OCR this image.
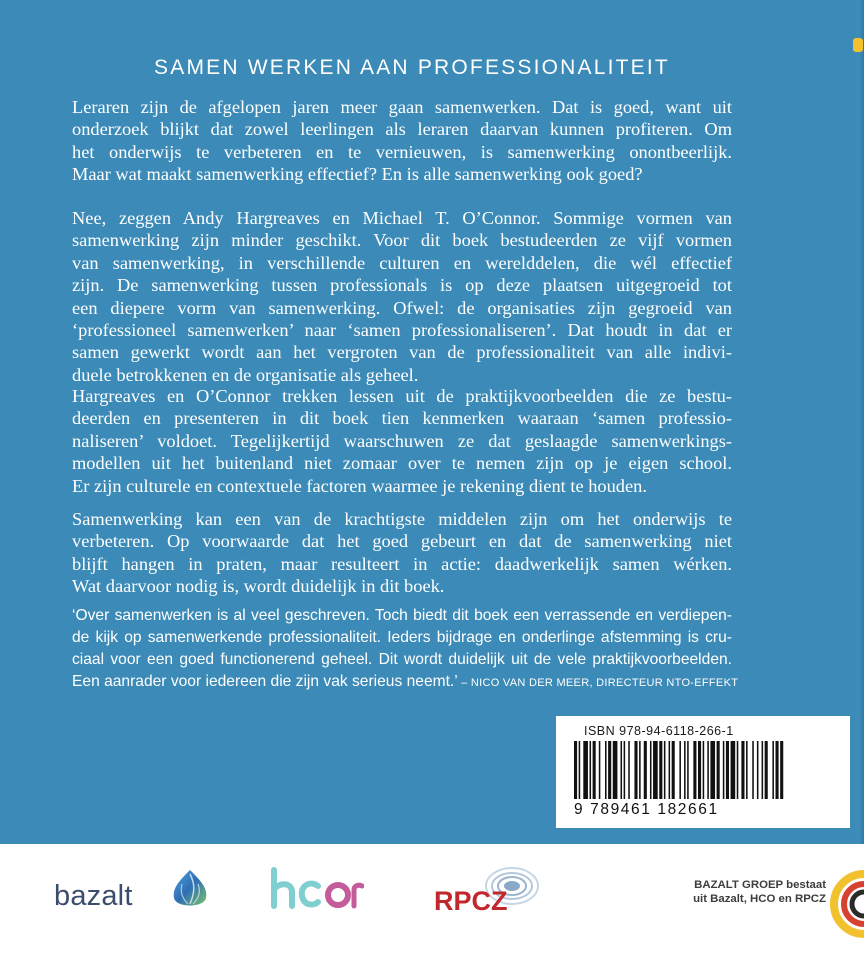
SAMEN WERKEN AAN PROFESSIONALITEIT
Leraren zijn de afgelopen jaren meer gaan samenwerken. Dat is goed, want uit
onderzoek blijkt dat zowel leerlingen als leraren daarvan kunnen profiteren. Om
het onderwijs te verbeteren en te vernieuwen, is samenwerking onontbeerlijk.
Maar wat maakt samenwerking effectief? En is alle samenwerking ook goed?
Nee, zeggen Andy Hargreaves en Michael T. O’Connor. Sommige vormen van
samenwerking zijn minder geschikt. Voor dit boek bestudeerden ze vijf vormen
van samenwerking, in verschillende culturen en werelddelen, die wél effectief
zijn. De samenwerking tussen professionals is op deze plaatsen uitgegroeid tot
een diepere vorm van samenwerking. Ofwel: de organisaties zijn gegroeid van
‘professioneel samenwerken’ naar ‘samen professionaliseren’. Dat houdt in dat er
samen gewerkt wordt aan het vergroten van de professionaliteit van alle indivi-
duele betrokkenen en de organisatie als geheel.
Hargreaves en O’Connor trekken lessen uit de praktijkvoorbeelden die ze bestu-
deerden en presenteren in dit boek tien kenmerken waaraan ‘samen professio-
naliseren’ voldoet. Tegelijkertijd waarschuwen ze dat geslaagde samenwerkings-
modellen uit het buitenland niet zomaar over te nemen zijn op je eigen school.
Er zijn culturele en contextuele factoren waarmee je rekening dient te houden.
Samenwerking kan een van de krachtigste middelen zijn om het onderwijs te
verbeteren. Op voorwaarde dat het goed gebeurt en dat de samenwerking niet
blijft hangen in praten, maar resulteert in actie: daadwerkelijk samen wérken.
Wat daarvoor nodig is, wordt duidelijk in dit boek.
‘Over samenwerken is al veel geschreven. Toch biedt dit boek een verrassende en verdiepen-
de kijk op samenwerkende professionaliteit. Ieders bijdrage en onderlinge afstemming is cru-
ciaal voor een goed functionerend geheel. Dit wordt duidelijk uit de vele praktijkvoorbeelden.
Een aanrader voor iedereen die zijn vak serieus neemt.’ – NICO VAN DER MEER, DIRECTEUR NTO-EFFEKT
ISBN 978-94-6118-266-1
9 789461 182661
bazalt	RPCZ
BAZALT GROEP bestaat
uit Bazalt, HCO en RPCZ
